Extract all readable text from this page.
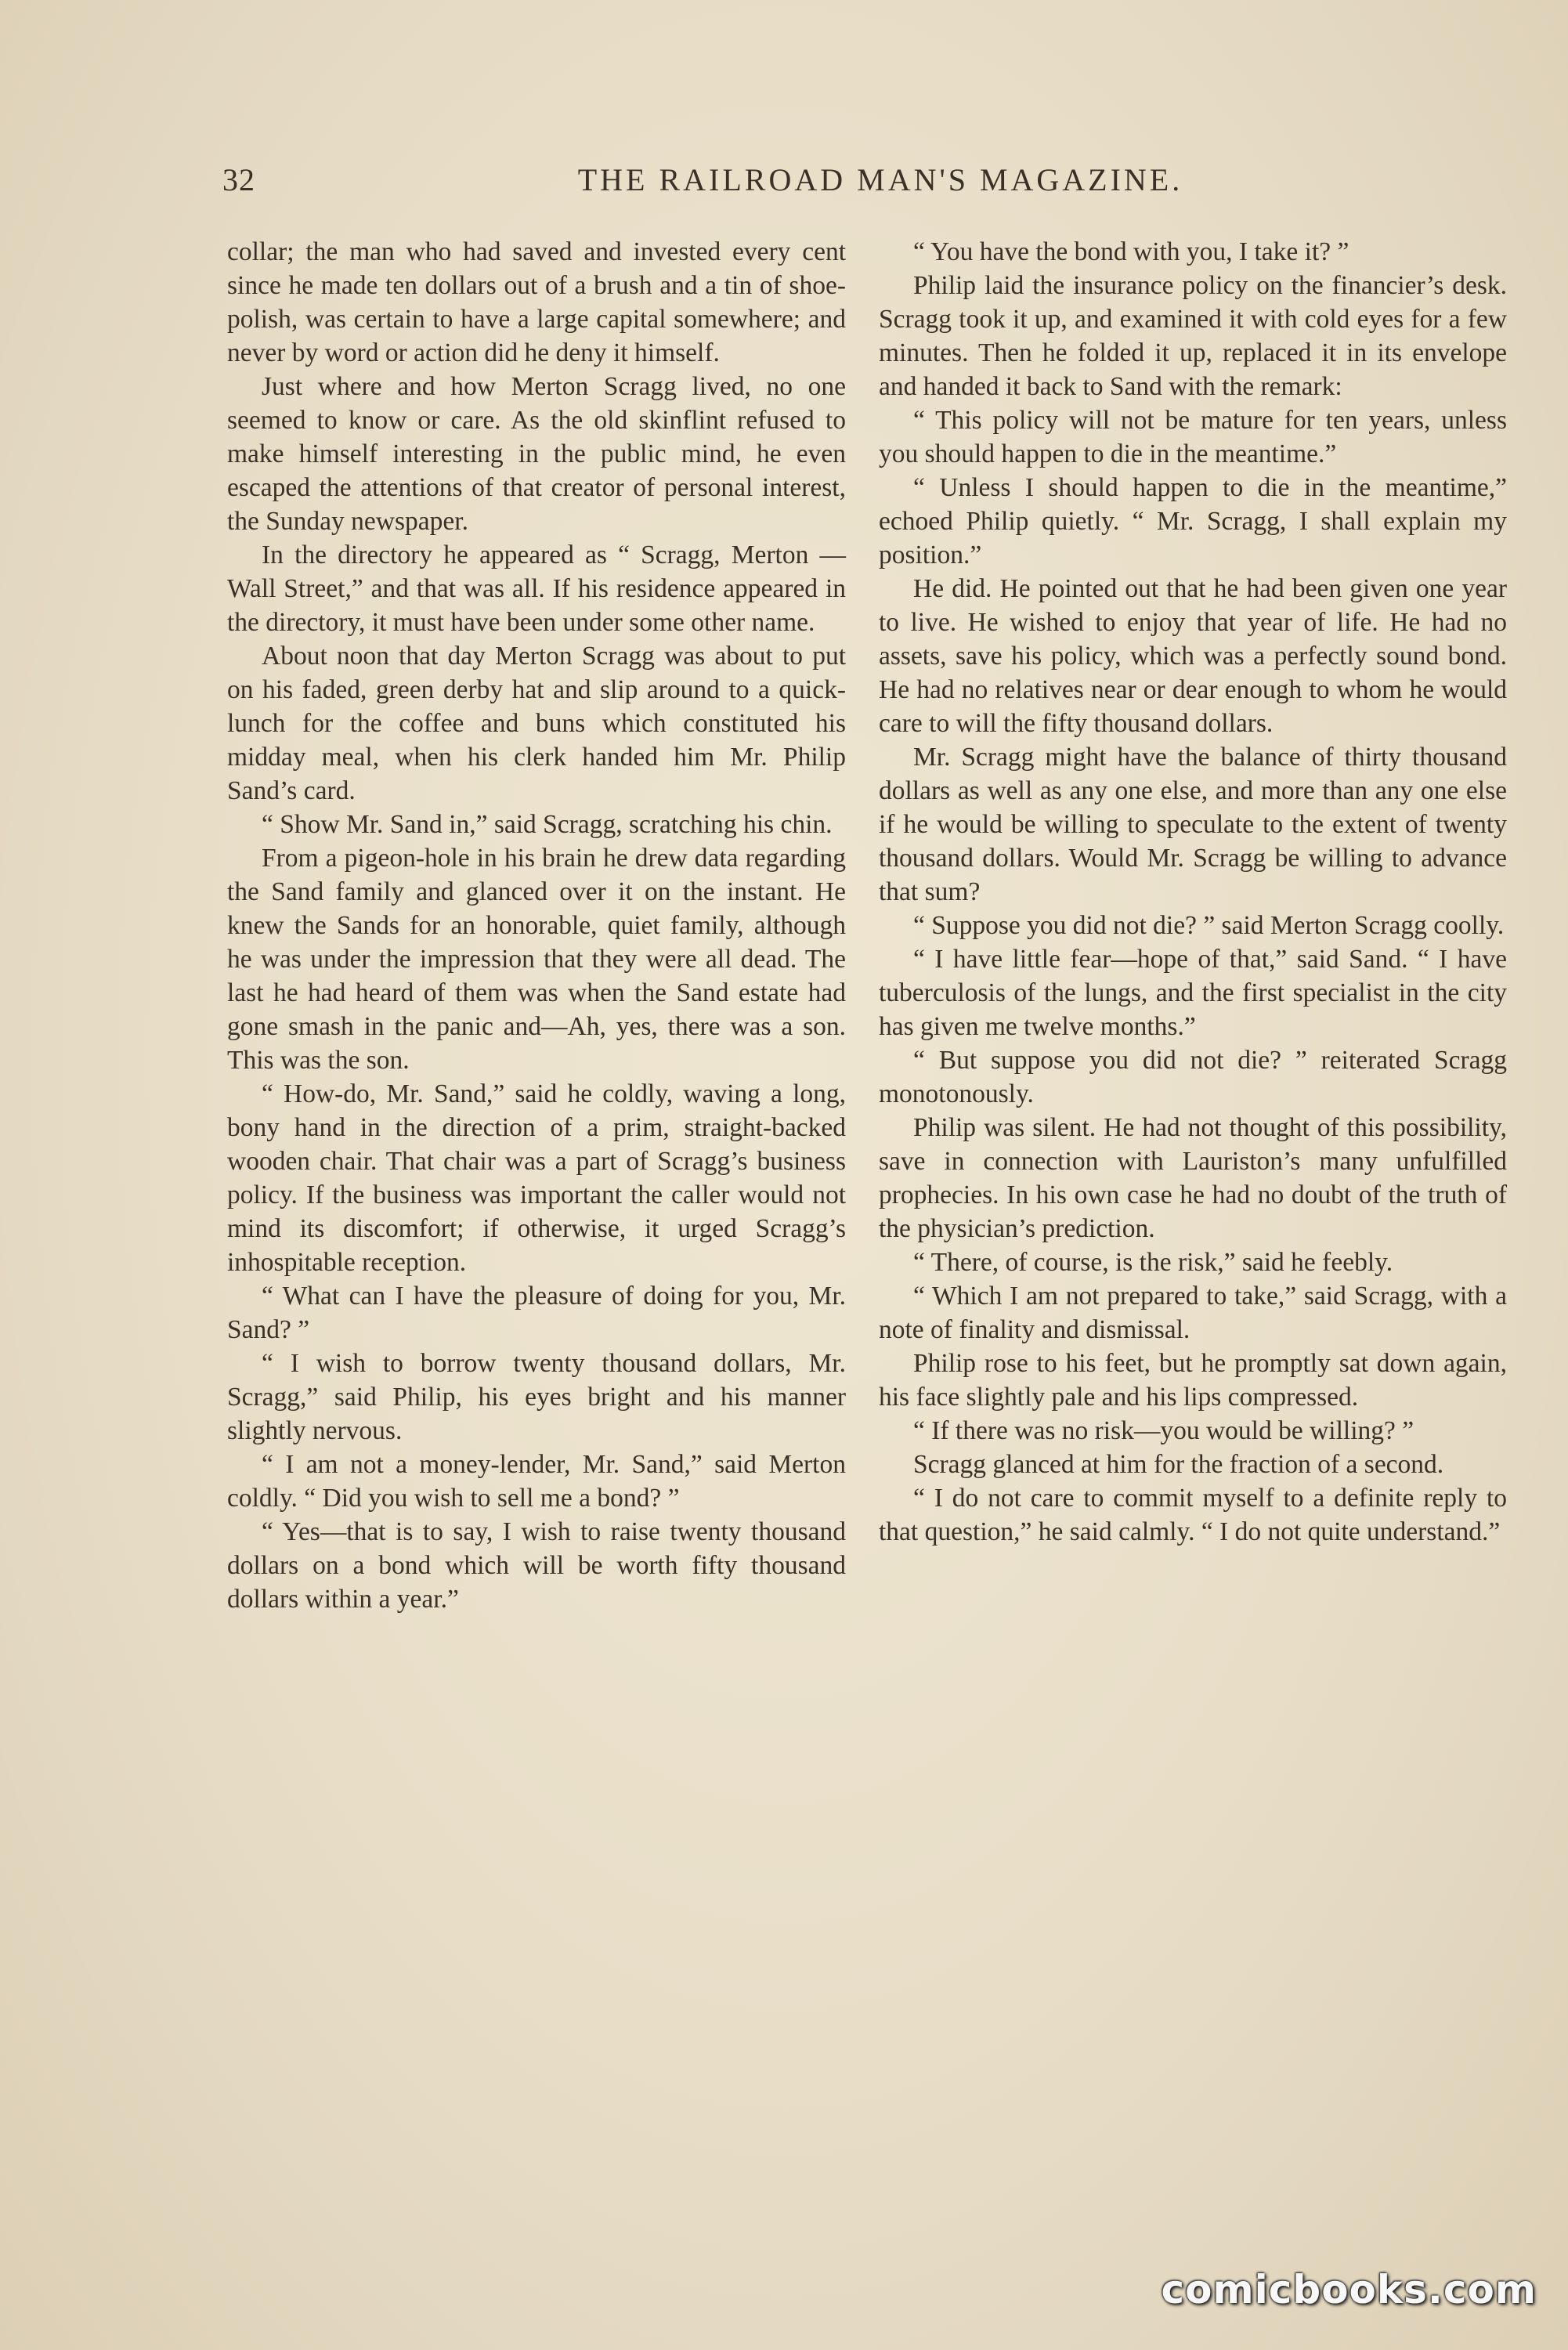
32	THE RAILROAD MAN'S MAGAZINE.

collar; the man who had saved and invested every cent since he made ten dollars out of a brush and a tin of shoe-polish, was certain to have a large capital somewhere; and never by word or action did he deny it himself.

Just where and how Merton Scragg lived, no one seemed to know or care. As the old skinflint refused to make himself interesting in the public mind, he even escaped the attentions of that creator of personal interest, the Sunday newspaper.

In the directory he appeared as “ Scragg, Merton — Wall Street,” and that was all. If his residence appeared in the directory, it must have been under some other name.

About noon that day Merton Scragg was about to put on his faded, green derby hat and slip around to a quick-lunch for the coffee and buns which constituted his midday meal, when his clerk handed him Mr. Philip Sand’s card.

“ Show Mr. Sand in,” said Scragg, scratching his chin.

From a pigeon-hole in his brain he drew data regarding the Sand family and glanced over it on the instant. He knew the Sands for an honorable, quiet family, although he was under the impression that they were all dead. The last he had heard of them was when the Sand estate had gone smash in the panic and—Ah, yes, there was a son. This was the son.

“ How-do, Mr. Sand,” said he coldly, waving a long, bony hand in the direction of a prim, straight-backed wooden chair. That chair was a part of Scragg’s business policy. If the business was important the caller would not mind its discomfort; if otherwise, it urged Scragg’s inhospitable reception.

“ What can I have the pleasure of doing for you, Mr. Sand? ”

“ I wish to borrow twenty thousand dollars, Mr. Scragg,” said Philip, his eyes bright and his manner slightly nervous.

“ I am not a money-lender, Mr. Sand,” said Merton coldly. “ Did you wish to sell me a bond? ”

“ Yes—that is to say, I wish to raise twenty thousand dollars on a bond which will be worth fifty thousand dollars within a year.”

“ You have the bond with you, I take it? ”

Philip laid the insurance policy on the financier’s desk. Scragg took it up, and examined it with cold eyes for a few minutes. Then he folded it up, replaced it in its envelope and handed it back to Sand with the remark:

“ This policy will not be mature for ten years, unless you should happen to die in the meantime.”

“ Unless I should happen to die in the meantime,” echoed Philip quietly. “ Mr. Scragg, I shall explain my position.”

He did. He pointed out that he had been given one year to live. He wished to enjoy that year of life. He had no assets, save his policy, which was a perfectly sound bond. He had no relatives near or dear enough to whom he would care to will the fifty thousand dollars.

Mr. Scragg might have the balance of thirty thousand dollars as well as any one else, and more than any one else if he would be willing to speculate to the extent of twenty thousand dollars. Would Mr. Scragg be willing to advance that sum?

“ Suppose you did not die? ” said Merton Scragg coolly.

“ I have little fear—hope of that,” said Sand. “ I have tuberculosis of the lungs, and the first specialist in the city has given me twelve months.”

“ But suppose you did not die? ” reiterated Scragg monotonously.

Philip was silent. He had not thought of this possibility, save in connection with Lauriston’s many unfulfilled prophecies. In his own case he had no doubt of the truth of the physician’s prediction.

“ There, of course, is the risk,” said he feebly.

“ Which I am not prepared to take,” said Scragg, with a note of finality and dismissal.

Philip rose to his feet, but he promptly sat down again, his face slightly pale and his lips compressed.

“ If there was no risk—you would be willing? ”

Scragg glanced at him for the fraction of a second.

“ I do not care to commit myself to a definite reply to that question,” he said calmly. “ I do not quite understand.”

comicbooks.com
